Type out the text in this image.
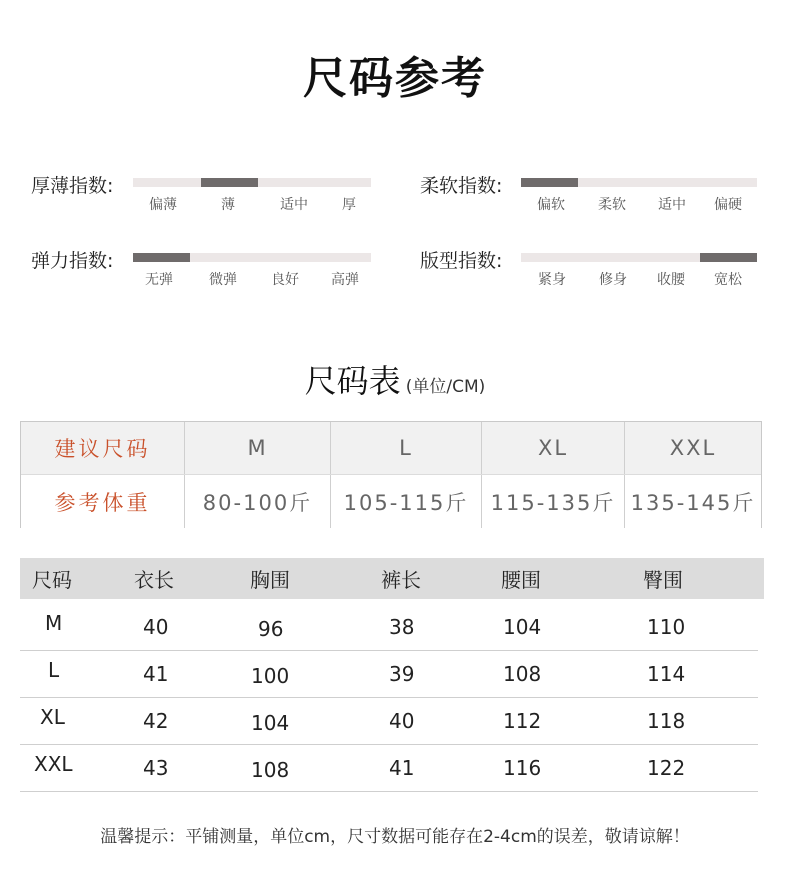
尺码参考
厚薄指数:
偏薄	薄	适中 厚
柔软指数:
偏软 柔软 适中 偏硬
弹力指数:
无弹	微弹 良好 高弹
版型指数:
紧身 修身 收腰 宽松
尺码表 (单位/CM)
建议尺码	M	L	XL	XXL
参考体重	80-100斤	105-115斤	115-135斤 135-145斤
尺码	衣长	胸围	裤长	腰围	臀围
M	40	96	38	104	110
L	41	100	39	108	114
XL	42	104	40	112	118
XXL	43	108	41	116	122
温馨提示：平铺测量，单位cm，尺寸数据可能存在2-4cm的误差，敬请谅解！
